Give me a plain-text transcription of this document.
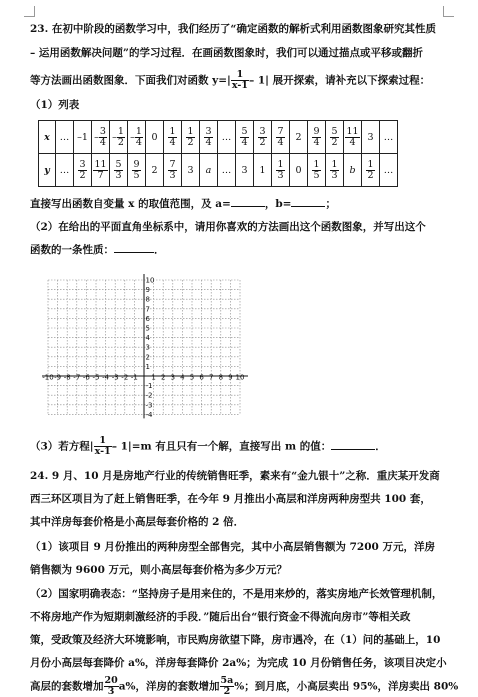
23. 在初中阶段的函数学习中，我们经历了“确定函数的解析式利用函数图象研究其性质
– 运用函数解决问题”的学习过程．在画函数图象时，我们可以通过描点或平移或翻折
等方法画出函数图象．下面我们对函数 $y=| \frac{1}{x-1} - 1|$ 展开探索，请补充以下探索过程：
（1）列表
x	…	–1	– $\frac{3}{4}$	– $\frac{1}{2}$	– $\frac{1}{4}$	0	$\frac{1}{4}$	$\frac{1}{2}$	$\frac{3}{4}$	…	$\frac{5}{4}$	$\frac{3}{2}$	$\frac{7}{4}$	2	$\frac{9}{4}$	$\frac{5}{2}$	$\frac{11}{4}$	3	…
y	…	$\frac{3}{2}$	$\frac{11}{7}$	$\frac{5}{3}$	$\frac{9}{5}$	2	$\frac{7}{3}$	3	a	…	3	1	$\frac{1}{3}$	0	$\frac{1}{5}$	$\frac{1}{3}$	b	$\frac{1}{2}$	…
直接写出函数自变量 x 的取值范围，及 a=	，b=	；
（2）在给出的平面直角坐标系中，请用你喜欢的方法画出这个函数图象，并写出这个
函数的一条性质：	．
-10 -9 -8 -7 -6 -5 -4 -3 -2 -1 1 2 3 4 5 6 7 8 9 10
10
9
8
7
6
5
4
3
2
1
-1
-2
-3
-4
（3）若方程| $\frac{1}{x-1} - 1|=m$ 有且只有一个解，直接写出 m 的值：	．
24. 9 月、10 月是房地产行业的传统销售旺季，素来有“金九银十”之称．重庆某开发商
西三环区项目为了赶上销售旺季，在今年 9 月推出小高层和洋房两种房型共 100 套，
其中洋房每套价格是小高层每套价格的 2 倍．
（1）该项目 9 月份推出的两种房型全部售完，其中小高层销售额为 7200 万元，洋房
销售额为 9600 万元，则小高层每套价格为多少万元？
（2）国家明确表态：“坚持房子是用来住的，不是用来炒的，落实房地产长效管理机制，
不将房地产作为短期刺激经济的手段．”随后出台“银行资金不得流向房市”等相关政
策，受政策及经济大环境影响，市民购房欲望下降，房市遇冷，在（1）问的基础上，10
月份小高层每套降价 a%，洋房每套降价 2a%；为完成 10 月份销售任务，该项目决定小
高层的套数增加 $\frac{20}{3} a\%$，洋房的套数增加 $\frac{5a}{2}$ %；到月底，小高层卖出 95%，洋房卖出 80%
